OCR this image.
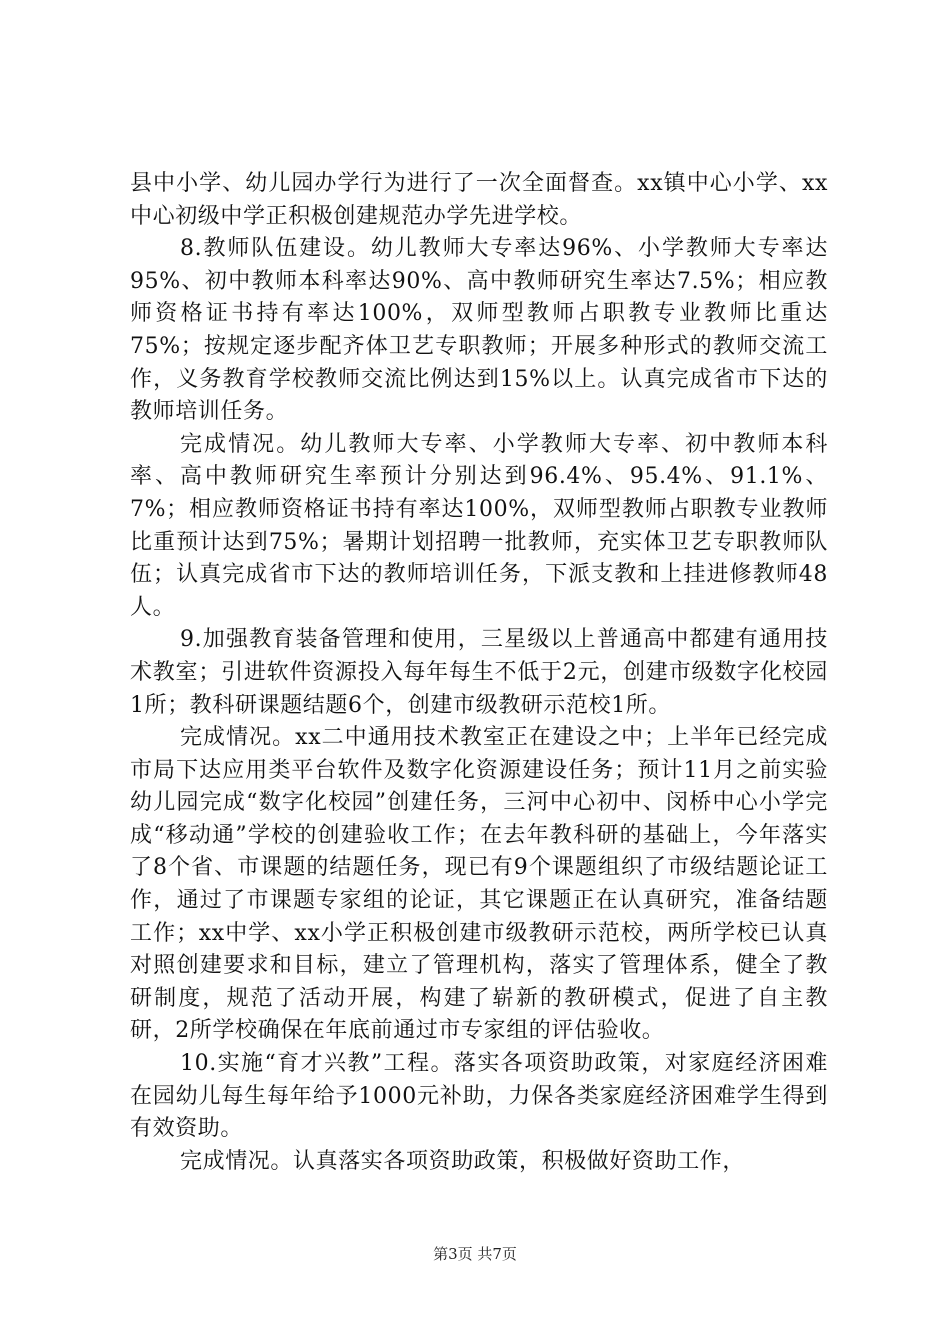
县中小学、幼儿园办学行为进行了一次全面督查。xx镇中心小学、xx中心初级中学正积极创建规范办学先进学校。

8.教师队伍建设。幼儿教师大专率达96%、小学教师大专率达95%、初中教师本科率达90%、高中教师研究生率达7.5%；相应教师资格证书持有率达100%，双师型教师占职教专业教师比重达75%；按规定逐步配齐体卫艺专职教师；开展多种形式的教师交流工作，义务教育学校教师交流比例达到15%以上。认真完成省市下达的教师培训任务。

完成情况。幼儿教师大专率、小学教师大专率、初中教师本科率、高中教师研究生率预计分别达到96.4%、95.4%、91.1%、7%；相应教师资格证书持有率达100%，双师型教师占职教专业教师比重预计达到75%；暑期计划招聘一批教师，充实体卫艺专职教师队伍；认真完成省市下达的教师培训任务，下派支教和上挂进修教师48人。

9.加强教育装备管理和使用，三星级以上普通高中都建有通用技术教室；引进软件资源投入每年每生不低于2元，创建市级数字化校园1所；教科研课题结题6个，创建市级教研示范校1所。

完成情况。xx二中通用技术教室正在建设之中；上半年已经完成市局下达应用类平台软件及数字化资源建设任务；预计11月之前实验幼儿园完成“数字化校园”创建任务，三河中心初中、闵桥中心小学完成“移动通”学校的创建验收工作；在去年教科研的基础上，今年落实了8个省、市课题的结题任务，现已有9个课题组织了市级结题论证工作，通过了市课题专家组的论证，其它课题正在认真研究，准备结题工作；xx中学、xx小学正积极创建市级教研示范校，两所学校已认真对照创建要求和目标，建立了管理机构，落实了管理体系，健全了教研制度，规范了活动开展，构建了崭新的教研模式，促进了自主教研，2所学校确保在年底前通过市专家组的评估验收。

10.实施“育才兴教”工程。落实各项资助政策，对家庭经济困难在园幼儿每生每年给予1000元补助，力保各类家庭经济困难学生得到有效资助。

完成情况。认真落实各项资助政策，积极做好资助工作，

第3页 共7页
